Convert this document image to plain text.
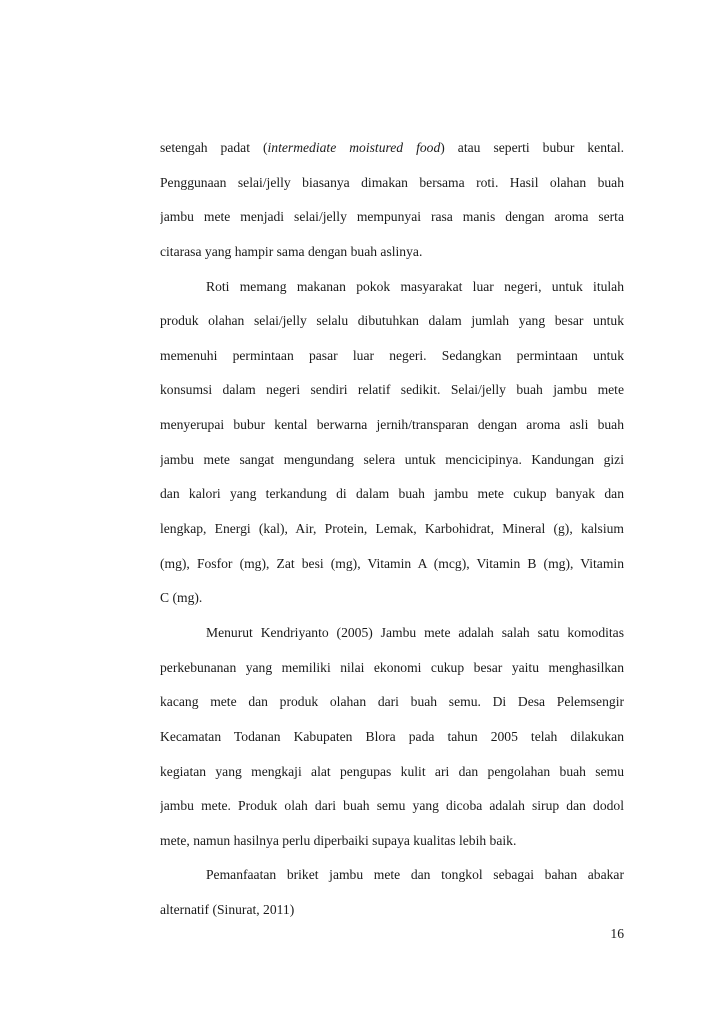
setengah padat (intermediate moistured food) atau seperti bubur kental.
Penggunaan selai/jelly biasanya dimakan bersama roti. Hasil olahan buah
jambu mete menjadi selai/jelly mempunyai rasa manis dengan aroma serta
citarasa yang hampir sama dengan buah aslinya.
Roti memang makanan pokok masyarakat luar negeri, untuk itulah
produk olahan selai/jelly selalu dibutuhkan dalam jumlah yang besar untuk
memenuhi permintaan pasar luar negeri. Sedangkan permintaan untuk
konsumsi dalam negeri sendiri relatif sedikit. Selai/jelly buah jambu mete
menyerupai bubur kental berwarna jernih/transparan dengan aroma asli buah
jambu mete sangat mengundang selera untuk mencicipinya. Kandungan gizi
dan kalori yang terkandung di dalam buah jambu mete cukup banyak dan
lengkap, Energi (kal), Air, Protein, Lemak, Karbohidrat, Mineral (g), kalsium
(mg), Fosfor (mg), Zat besi (mg), Vitamin A (mcg), Vitamin B (mg), Vitamin
C (mg).
Menurut Kendriyanto (2005) Jambu mete adalah salah satu komoditas
perkebunanan yang memiliki nilai ekonomi cukup besar yaitu menghasilkan
kacang mete dan produk olahan dari buah semu. Di Desa Pelemsengir
Kecamatan Todanan Kabupaten Blora pada tahun 2005 telah dilakukan
kegiatan yang mengkaji alat pengupas kulit ari dan pengolahan buah semu
jambu mete. Produk olah dari buah semu yang dicoba adalah sirup dan dodol
mete, namun hasilnya perlu diperbaiki supaya kualitas lebih baik.
Pemanfaatan briket jambu mete dan tongkol sebagai bahan abakar
alternatif (Sinurat, 2011)
16
